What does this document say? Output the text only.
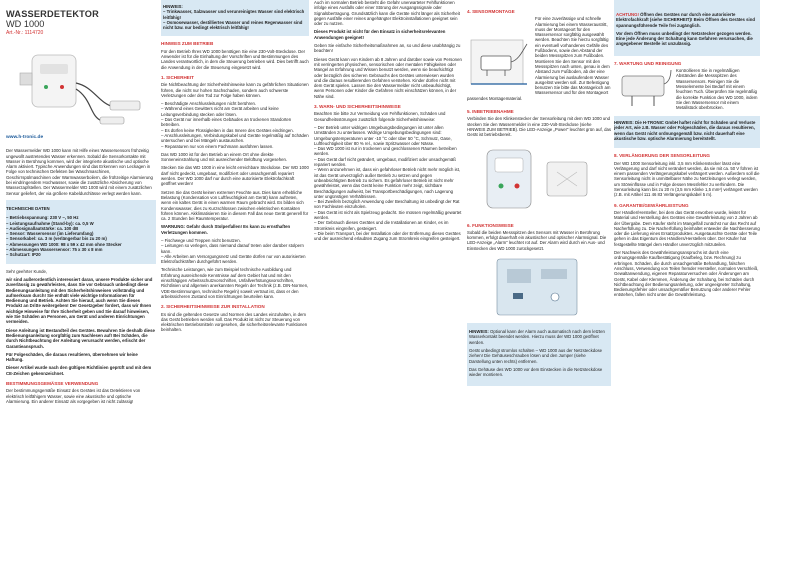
WASSERDETEKTOR
WD 1000
Art.-Nr.: 1114720
www.h-tronic.de

Der Wassermelder WD 1000 kann mit Hilfe eines Wassersensors frühzeitig ungewollt austretendes Wasser erkennen. Sobald die Sensorkontakte mit Wasser in Berührung kommen, wird der integrierte akustische und optische Alarm aktiviert. Typische Anwendungen sind das Erkennen von Leckagen in Folge von technischen Defekten bei Waschmaschinen, Geschirrspülmaschinen oder Warmwasserboilern, die frühzeitige Alarmierung bei eindringendem Hochwasser, sowie die zusätzliche Absicherung von Wasserzapfstellen. Der Wassermelder WD 1000 wird mit einem zusätzlichen Sensor geliefert, der via größere Kabeldurchlässe verlegt werden kann.

TECHNISCHE DATEN
– Betriebsspannung: 230 V ~, 50 Hz
– Leistungsaufnahme (Stand-by): ca. 0,5 W
– Audiosignallautstärke: ca. 100 dB
– Sensor: Wassersensor (im Lieferumfang)
– Sensorkabel: ca. 3 m (verlängerbar bis zu 20 m)
– Abmessungen WD 1000: 98 x 59 x 42 mm ohne Stecker
– Abmessungen Wassersensor: 75 x 30 x 8 mm
– Schutzart: IP20

Sehr geehrter Kunde,

wir sind außerordentlich interessiert daran, unsere Produkte sicher und zuverlässig zu gewährleisten, dass Sie vor Gebrauch unbedingt diese Bedienungsanleitung mit den Sicherheitshinweisen vollständig und aufmerksam durch! Sie enthält viele wichtige Informationen für Bedienung und Betrieb. Achten Sie hierauf, auch wenn Sie dieses Produkt an Dritte weitergeben! Der Gesetzgeber fordert, dass wir Ihnen wichtige Hinweise für Ihre Sicherheit geben und Sie darauf hinweisen, wie Sie Schäden an Personen, am Gerät und anderen Einrichtungen vermeiden.

Diese Anleitung ist Bestandteil des Gerätes. Bewahren Sie deshalb diese Bedienungsanleitung sorgfältig zum Nachlesen auf! Bei Schäden, die durch Nichtbeachtung der Anleitung verursacht werden, erlischt der Garantieanspruch.

Für Folgeschäden, die daraus resultieren, übernehmen wir keine Haftung.

Dieser Artikel wurde nach den gültigen Richtlinien geprüft und mit dem CE-Zeichen gekennzeichnet.

BESTIMMUNGSGEMÄSSE VERWENDUNG

Der bestimmungsgemäße Einsatz des Gerätes ist das Detektieren von elektrisch leitfähigem Wasser, sowie eine akustische und optische Alarmierung. Ein anderer Einsatz als vorgegeben ist nicht zulässig!

HINWEIS:
– Trinkwasser, Salzwasser und verunreinigtes Wasser sind elektrisch leitfähig!
– Osmosewasser, destilliertes Wasser und reines Regenwasser sind nicht bzw. nur bedingt elektrisch leitfähig!
HINWEIS ZUM BETRIEB

Für den Betrieb Ihres WD 1000 benötigen Sie eine 230-Volt-Steckdose. Der Anwender ist für die Einhaltung der Vorschriften und Bestimmungen des Landes verantwortlich, in dem die Steuerung betrieben wird. Dies betrifft auch die Anwendung in der die Steuerung eingesetzt wird.

1. SICHERHEIT

Die Nichtbeachtung der Sicherheitshinweise kann zu gefährlichen Situationen führen, die nicht nur hohen Sachschaden, sondern auch schwerste Verletzungen oder den Tod zur Folge haben können.

– Beschädigte Anschlussleitungen nicht berühren.
– Während eines Gewitters nicht am Gerät arbeiten und keine Leitungsverbindung stecken oder lösen.
– Das Gerät nur innerhalb eines Gebäudes an trockenen Standorten betreiben.
– Es dürfen keine Flüssigkeiten in das Innere des Gerätes eindringen.
– Anschlussleitungen, Verbindungskabel und Geräte regelmäßig auf Schäden untersuchen und bei Mängeln austauschen.
– Reparaturen nur von einem Fachmann ausführen lassen.

Das WD 1000 ist für den Betrieb an einem Ort ohne direkte Sonneneinstrahlung und mit ausreichender Belüftung vorgesehen.

Stecken Sie das WD 1000 in eine leicht erreichbare Steckdose. Der WD 1000 darf nicht gedeckt, umgebaut, modifiziert oder unsachgemäß repariert werden. Der WD 1000 darf nur durch eine autorisierte Elektrofachkraft geöffnet werden!

Setzen Sie das Gerät keinen extremen Feuchte aus. Dies kann erhebliche Belastung (Kondensation von Luftfeuchtigkeit am Gerät) kann auftreten, wenn ein kaltes Gerät in einen warmen Raum gebracht wird. Es bilden sich Kondenswasser, dies zu Kurzschlüssen zwischen elektrischen Kontakten führen können. Akklimatisieren Sie in diesem Fall das neue Gerät generell für ca. 2 Stunden bei Raumtemperatur.

WARNUNG: Gefahr durch Stolperfallen! Es kann zu ernsthaften Verletzungen kommen.

– Fischwege und Treppen nicht benutzen.
– Leitungen so verlegen, dass niemand darauf treten oder darüber stolpern kann.
– Alle Arbeiten am Versorgungsnetz und Geräte dürfen nur von autorisierten Elektrofachkräften durchgeführt werden.

Technische Leistungen, wie zum Beispiel technische Ausbildung und Erfahrung ausreichende Kenntnisse auf dem Gebiet hat und mit den einschlägigen Arbeitsschutzvorschriften, Unfallverhütungsvorschriften, Richtlinien und allgemein anerkannten Regeln der Technik (z.B. DIN-Normen, VDE-Bestimmungen, technische Regeln) soweit vertraut ist, dass er den arbeitssicheren Zustand von Einrichtungen beurteilen kann.

2. SICHERHEITSHINWEISE ZUR INSTALLATION

Es sind die geltenden Gesetze und Normen des Landes einzuhalten, in dem das Gerät betrieben werden soll. Das Produkt ist nicht zur Steuerung von elektrischen Betriebsmitteln vorgesehen, die sicherheitsrelevante Funktionen beinhalten.

Auch im normalen Betrieb besteht die Gefahr unerwarteter Fehlfunktionen infolge eines Ausfalls oder einer Störung der Ausgangssignale oder Signalübertragung. Grundsätzlich kann die Geräte nicht länger als Sicherheit gegen Ausfälle einer reines angehängter Elektroinstallationen geeignet sein oder zu nutzen.

Dieses Produkt ist nicht für den Einsatz in sicherheitsrelevanten Anwendungen geeignet!

Geben Sie einfache Sicherheitsmaßnahmen an, so und diese unabhängig zu beachten!

Dieses Gerät kann von Kindern ab 8 Jahren und darüber sowie von Personen mit verringerten physischen, sensorischen oder mentalen Fähigkeiten oder Mangel an Erfahrung und Wissen benutzt werden, wenn sie beaufsichtigt oder bezüglich des sicheren Gebrauchs des Gerätes unterwiesen wurden und die daraus resultierenden Gefahren verstehen. Kinder dürfen nicht mit dem Gerät spielen. Lassen Sie den Wassermelder nicht unbeaufsichtigt, wenn Personen oder Kinder die Gefahren nicht einschätzen können, in der Nähe sind.

3. WARN- UND SICHERHEITSHINWEISE

Beachten Sie bitte zur Vermeidung von Fehlfunktionen, Schäden und Gesundheitsstörungen zusätzlich folgende Sicherheitshinweise:

– Der Betrieb unter widrigen Umgebungsbedingungen ist unter allen Umständen zu unterlassen. Widrige Umgebungsbedingungen sind: Umgebungstemperaturen unter -10 °C oder über 50 °C, Schmutz, Gase, Luftfeuchtigkeit über 80 % rel., sowie Spritzwasser oder Nässe.
– Das WD 1000 ist nur in trockenen und geschlossenen Räumen betreiben werden.
– Das Gerät darf nicht geändert, umgebaut, modifiziert oder unsachgemäß repariert werden.
– Wenn anzunehmen ist, dass ein gefahrloser Betrieb nicht mehr möglich ist, ist das Gerät unverzüglich außer Betrieb zu setzen und gegen unbeabsichtigten Betrieb zu sichern. Es gefahrloser Betrieb ist nicht mehr gewährleistet, wenn das Gerät keine Funktion mehr zeigt, sichtbare Beschädigungen aufweist, bei Transportbeschädigungen, nach Lagerung unter ungünstigen Verhältnissen.
– Bei Zweifeln bezüglich Anwendung oder Beschaltung ist unbedingt der Rat von Fachleuten einzuholen.
– Das Gerät ist nicht als Spielzeug gedacht. Sie müssen regelmäßig gewartet werden.
– Der Gebrauch dieses Gerätes und die Installationen an Kinder, es im Stromkreis eingreifen, gesteigert.
– Die beim Transport, bei der Installation oder der Entfernung dieses Gerätes und der ausreichend erlaubten Zugang zum Stromkreis eingreifen gesteigert.

4. SENSORMONTAGE

Für eine zuverlässige und schnelle Alarmierung bei einem Wasseraustritt, muss der Montageort für den Wassersensor sorgfältig ausgewählt werden. Beachten Sie hierzu sorgfältig ein eventuell vorhandenes Gefälle des Fußbodens, sowie den Abstand der beiden Messspitzen zum Fußboden. Montieren Sie den Sensor mit den Messspitzen nach unten, genau in dem Abstand zum Fußboden, ab der eine Alarmierung bei auslaufendem Wasser ausgelöst werden soll. Zur Befestigung benutzen Sie bitte das Montageloch am Wassersensor und für den Montageort passendes Montagematerial.

5. INBETRIEBNAHME

Verbinden Sie den Klinkenstecker der Sensorleitung mit dem WD 1000 und stecken Sie den Wassermelder in eine 230-Volt-Steckdose (siehe HINWEIS ZUM BETRIEB). Die LED-Anzeige „Power“ leuchtet grün auf, das Gerät ist betriebsbereit.

6. FUNKTIONSWEISE

Sobald die beiden Messspitzen des Sensors mit Wasser in Berührung kommen, erfolgt dauerhaft ein akustischer und optischer Alarmsignal. Die LED-Anzeige „Alarm“ leuchtet rot auf. Der Alarm wird durch ein Aus- und Einstecken des WD 1000 zurückgesetzt.

HINWEIS: Optional kann der Alarm auch automatisch nach dem letzten Wasserkontakt beendet werden. Hierzu muss der WD 1000 geöffnet werden.

Gerät unbedingt stromlos schalten – WD 1000 aus der Netzsteckdose ziehen! Die Gehäuseschrauben lösen und den Jumper (siehe Darstellung unten rechts) entfernen.

Das Gehäuse des WD 1000 vor dem Einstecken in die Netzsteckdose wieder montieren.

ACHTUNG! Öffnen des Gerätes nur durch eine autorisierte Elektrofachkraft (siehe SICHERHEIT)! Beim Öffnen des Gerätes sind spannungsführende Teile frei zugänglich.

Vor dem Öffnen muss unbedingt der Netzstecker gezogen werden. Eine jede Änderung der Schaltung kann Gefahren verursachen, die angegebener Bestelle ist unzulässig.

7. WARTUNG UND REINIGUNG

Kontrollieren Sie in regelmäßigen Abständen die Messspitzen des Wassersensors. Reinigen Sie die Messelemente bei Bedarf mit einem feuchten Tuch. Überprüfen Sie regelmäßig die korrekte Funktion des WD 1000, indem Sie den Wassersensor mit einem Metallstück überbrücken.

HINWEIS: Die H-TRONIC GmbH haftet nicht für Schäden und Verluste jeder Art, wie z.B. Wasser oder Folgeschäden, die daraus resultieren, wenn das Gerät nicht ordnungsgemäß bzw. nicht dauerhaft eine akustische bzw. optische Alarmierung bereitstellt.

8. VERLÄNGERUNG DER SENSORLEITUNG

Der WD 1000 Sensorleitung inkl. 3,5 mm Klinkenstecker lässt eine Verlängerung und darf nicht verändert werden, da sie mit ca. 50 V führen ist einem passenden Verlängerungskabel verlängert werden. Außerdem soll die Sensorleitung nicht in unmittelbarer Nähe zu Netzleitungen verlegt werden, um Störeinflüsse und in Folge dessen Messfehler zu verhindern. Die Sensorleitung kann bis zu 20 m (3,5 mm Klinke 1,5 mm²) verlängert werden (z.B. mit Artikel 111 46 83 Verlängerungskabel 5 m).

9. GARANTIE/GEWÄHRLEISTUNG

Der Händler/Hersteller, bei dem das Gerät erworben wurde, leistet für Material und Herstellung des Gerätes eine Gewährleistung von 2 Jahren ab der Übergabe. Dem Käufer steht im Mangelfall zunächst nur das Recht auf Nacherfüllung zu. Die Nacherfüllung beinhaltet entweder die Nachbesserung oder die Lieferung eines Ersatzproduktes. Ausgetauschte Geräte oder Teile gehen in das Eigentum des Händlers/Herstellers über. Der Käufer hat festgestellte Mängel dem Händler unverzüglich mitzuteilen.

Der Nachweis des Gewährleistungsanspruchs ist durch eine ordnungsgemäße Kaufbestätigung (Kaufbeleg, bzw. Rechnung) zu erbringen. Schäden, die durch unsachgemäße Behandlung, falschen Anschluss, Verwendung von Teilen fremder Hersteller, normalen Verschleiß, Gewaltanwendung, eigenen Reparaturversuchen oder Änderungen am Gerät, Kabel oder Klemmen, Änderung der Schaltung, bei Schäden durch Nichtbeachtung der Bedienungsanleitung, oder ungeeigneter Schaltung, Bedienungsfehler oder unsachgemäßer Benutzung oder anderer Fehler entstehen, fallen nicht unter die Gewährleistung.
